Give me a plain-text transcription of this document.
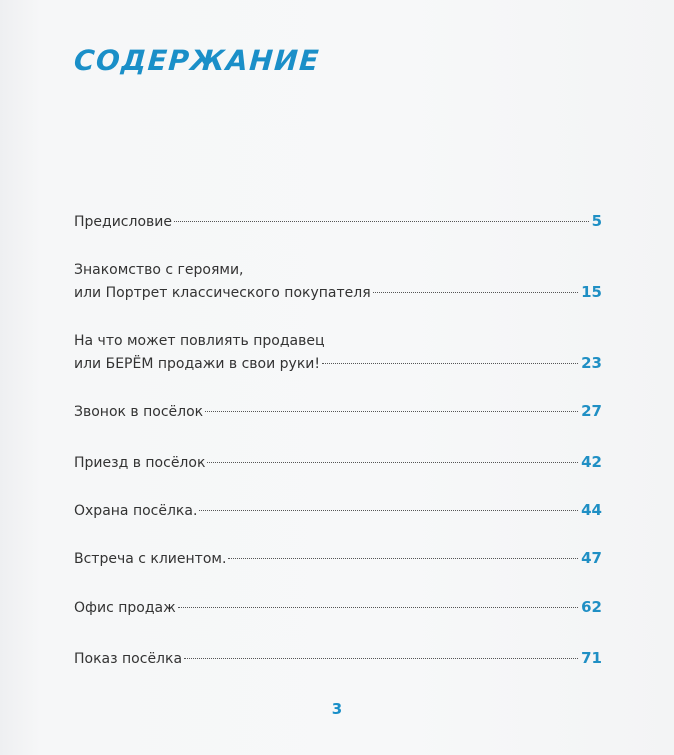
СОДЕРЖАНИЕ
Предисловие	5
Знакомство с героями,
или Портрет классического покупателя	15
На что может повлиять продавец
или БЕРЁМ продажи в свои руки!	23
Звонок в посёлок	27
Приезд в посёлок	42
Охрана посёлка.	44
Встреча с клиентом.	47
Офис продаж	62
Показ посёлка	71
3
